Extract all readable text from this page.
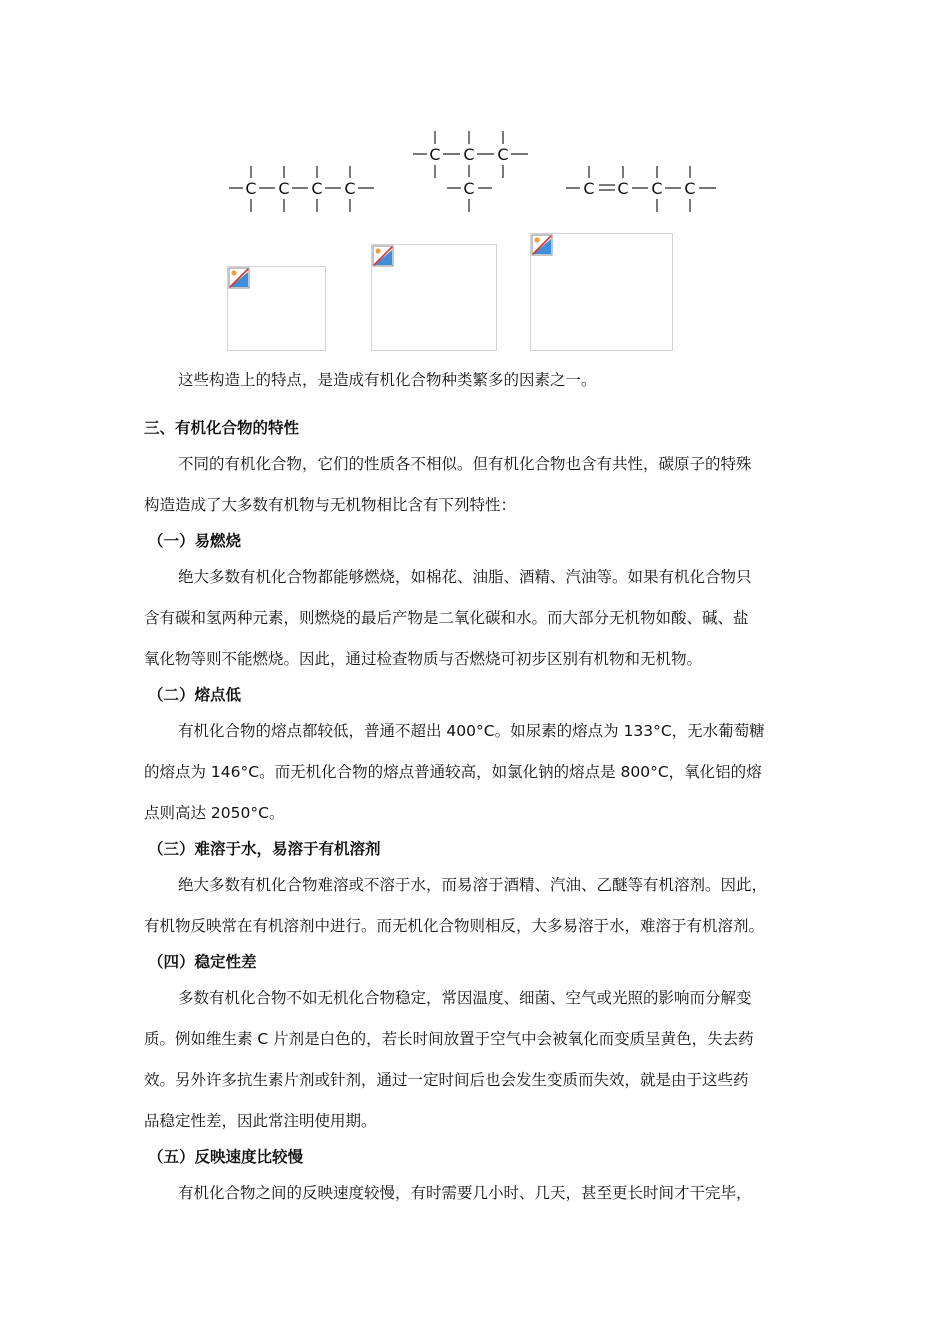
C C C C
C C C
C	C C C C
这些构造上的特点，是造成有机化合物种类繁多的因素之一。
三、有机化合物的特性
不同的有机化合物，它们的性质各不相似。但有机化合物也含有共性，碳原子的特殊
构造造成了大多数有机物与无机物相比含有下列特性：
（一）易燃烧
绝大多数有机化合物都能够燃烧，如棉花、油脂、酒精、汽油等。如果有机化合物只
含有碳和氢两种元素，则燃烧的最后产物是二氧化碳和水。而大部分无机物如酸、碱、盐
氧化物等则不能燃烧。因此，通过检查物质与否燃烧可初步区别有机物和无机物。
（二）熔点低
有机化合物的熔点都较低，普通不超出 400°C。如尿素的熔点为 133°C，无水葡萄糖
的熔点为 146°C。而无机化合物的熔点普通较高，如氯化钠的熔点是 800°C，氧化铝的熔
点则高达 2050°C。
（三）难溶于水，易溶于有机溶剂
绝大多数有机化合物难溶或不溶于水，而易溶于酒精、汽油、乙醚等有机溶剂。因此，
有机物反映常在有机溶剂中进行。而无机化合物则相反，大多易溶于水，难溶于有机溶剂。
（四）稳定性差
多数有机化合物不如无机化合物稳定，常因温度、细菌、空气或光照的影响而分解变
质。例如维生素 C 片剂是白色的，若长时间放置于空气中会被氧化而变质呈黄色，失去药
效。另外许多抗生素片剂或针剂，通过一定时间后也会发生变质而失效，就是由于这些药
品稳定性差，因此常注明使用期。
（五）反映速度比较慢
有机化合物之间的反映速度较慢，有时需要几小时、几天，甚至更长时间才干完毕，
